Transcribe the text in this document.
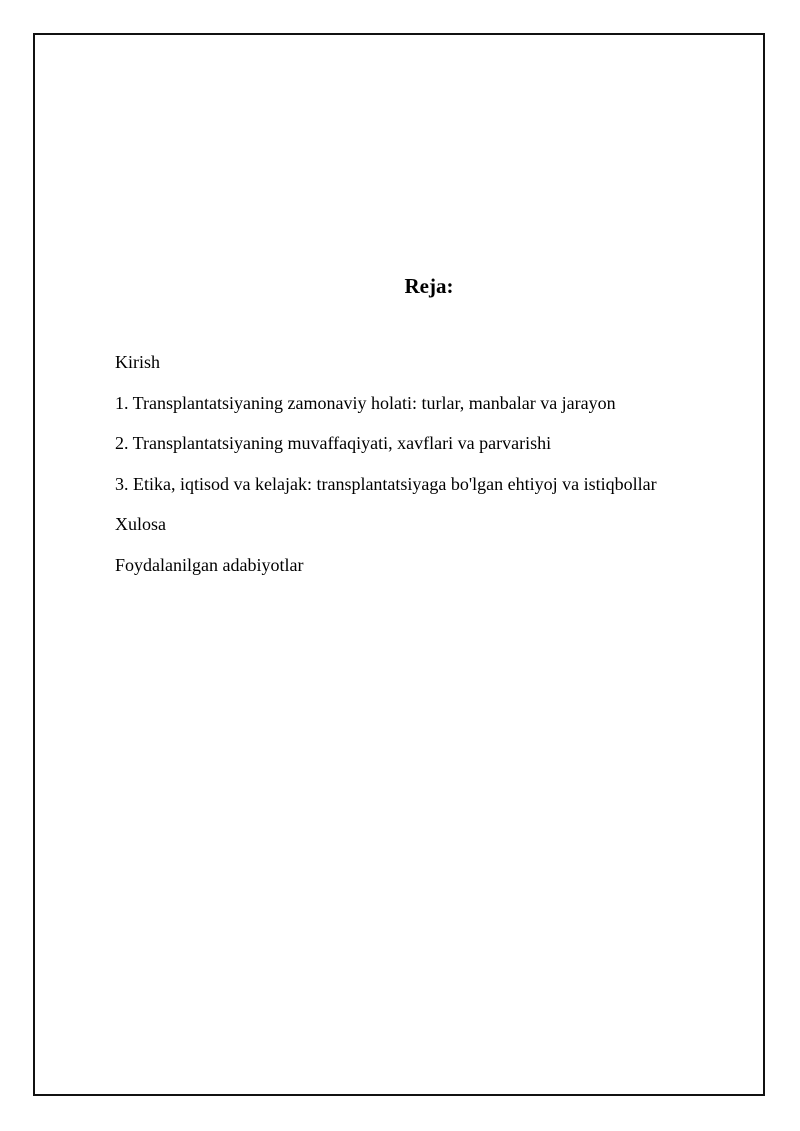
Reja:
Kirish
1. Transplantatsiyaning zamonaviy holati: turlar, manbalar va jarayon
2. Transplantatsiyaning muvaffaqiyati, xavflari va parvarishi
3. Etika, iqtisod va kelajak: transplantatsiyaga bo'lgan ehtiyoj va istiqbollar
Xulosa
Foydalanilgan adabiyotlar
